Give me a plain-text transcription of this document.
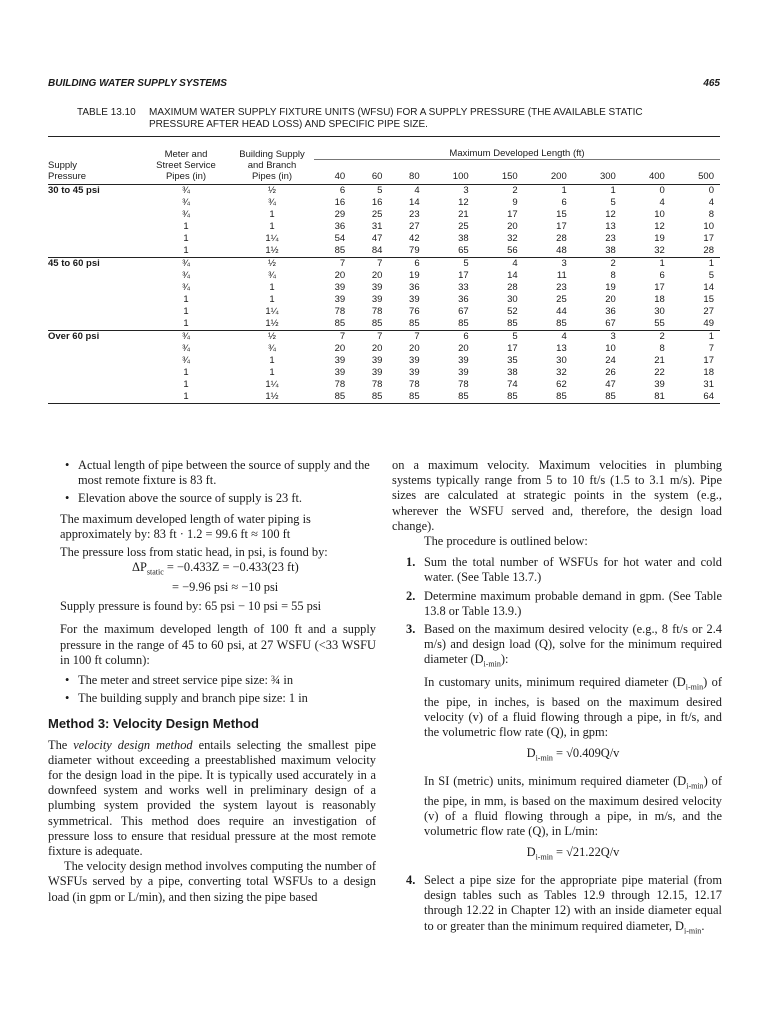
BUILDING WATER SUPPLY SYSTEMS	465
TABLE 13.10 MAXIMUM WATER SUPPLY FIXTURE UNITS (WFSU) FOR A SUPPLY PRESSURE (THE AVAILABLE STATIC
PRESSURE AFTER HEAD LOSS) AND SPECIFIC PIPE SIZE.
	Meter and	Building Supply	Maximum Developed Length (ft)								
Supply	Street Service	and Branch									
Pressure	Pipes (in)	Pipes (in)	40	60	80	100	150	200	300	400	500
30 to 45 psi	¾	½	6	5	4	3	2	1	1	0	0
	¾	¾	16	16	14	12	9	6	5	4	4
	¾	1	29	25	23	21	17	15	12	10	8
	1	1	36	31	27	25	20	17	13	12	10
	1	1¼	54	47	42	38	32	28	23	19	17
	1	1½	85	84	79	65	56	48	38	32	28
45 to 60 psi	¾	½	7	7	6	5	4	3	2	1	1
	¾	¾	20	20	19	17	14	11	8	6	5
	¾	1	39	39	36	33	28	23	19	17	14
	1	1	39	39	39	36	30	25	20	18	15
	1	1¼	78	78	76	67	52	44	36	30	27
	1	1½	85	85	85	85	85	85	67	55	49
Over 60 psi	¾	½	7	7	7	6	5	4	3	2	1
	¾	¾	20	20	20	20	17	13	10	8	7
	¾	1	39	39	39	39	35	30	24	21	17
	1	1	39	39	39	39	38	32	26	22	18
	1	1¼	78	78	78	78	74	62	47	39	31
	1	1½	85	85	85	85	85	85	85	81	64
• Actual length of pipe between the source of supply and the most remote fixture is 83 ft.
• Elevation above the source of supply is 23 ft.

The maximum developed length of water piping is approximately by: 83 ft · 1.2 = 99.6 ft ≈ 100 ft

The pressure loss from static head, in psi, is found by:

$\Delta P_{static} = -0.433Z = -0.433(23$ ft)

= −9.96 psi ≈ −10 psi

Supply pressure is found by: 65 psi − 10 psi = 55 psi

For the maximum developed length of 100 ft and a supply pressure in the range of 45 to 60 psi, at 27 WSFU (<33 WSFU in 100 ft column):

• The meter and street service pipe size: ¾ in
• The building supply and branch pipe size: 1 in
Method 3: Velocity Design Method

The velocity design method entails selecting the smallest pipe diameter without exceeding a preestablished maximum velocity for the design load in the pipe. It is typically used accurately in a downfeed system and works well in preliminary design of a plumbing system provided the system layout is reasonably symmetrical. This method does require an investigation of pressure loss to ensure that residual pressure at the most remote fixture is adequate.

The velocity design method involves computing the number of WSFUs served by a pipe, converting total WSFUs to a design load (in gpm or L/min), and then sizing the pipe based

on a maximum velocity. Maximum velocities in plumbing systems typically range from 5 to 10 ft/s (1.5 to 3.1 m/s). Pipe sizes are calculated at strategic points in the system (e.g., wherever the WSFU served and, therefore, the design load change).

The procedure is outlined below:

1. Sum the total number of WSFUs for hot water and cold water. (See Table 13.7.)
2. Determine maximum probable demand in gpm. (See Table 13.8 or Table 13.9.)
3. Based on the maximum desired velocity (e.g., 8 ft/s or 2.4 m/s) and design load (Q), solve for the minimum required diameter $(D_{i-min})$:

In customary units, minimum required diameter $(D_{i-min})$ of the pipe, in inches, is based on the maximum desired velocity (v) of a fluid flowing through a pipe, in ft/s, and the volumetric flow rate (Q), in gpm:

$D_{i-min} = √0.409Q/v$

In SI (metric) units, minimum required diameter $(D_{i-min})$ of the pipe, in mm, is based on the maximum desired velocity (v) of a fluid flowing through a pipe, in m/s, and the volumetric flow rate (Q), in L/min:

$D_{i-min} = √21.22Q/v$

4. Select a pipe size for the appropriate pipe material (from design tables such as Tables 12.9 through 12.15, 12.17 through 12.22 in Chapter 12) with an inside diameter equal to or greater than the minimum required diameter, $D_{i-min}$.
